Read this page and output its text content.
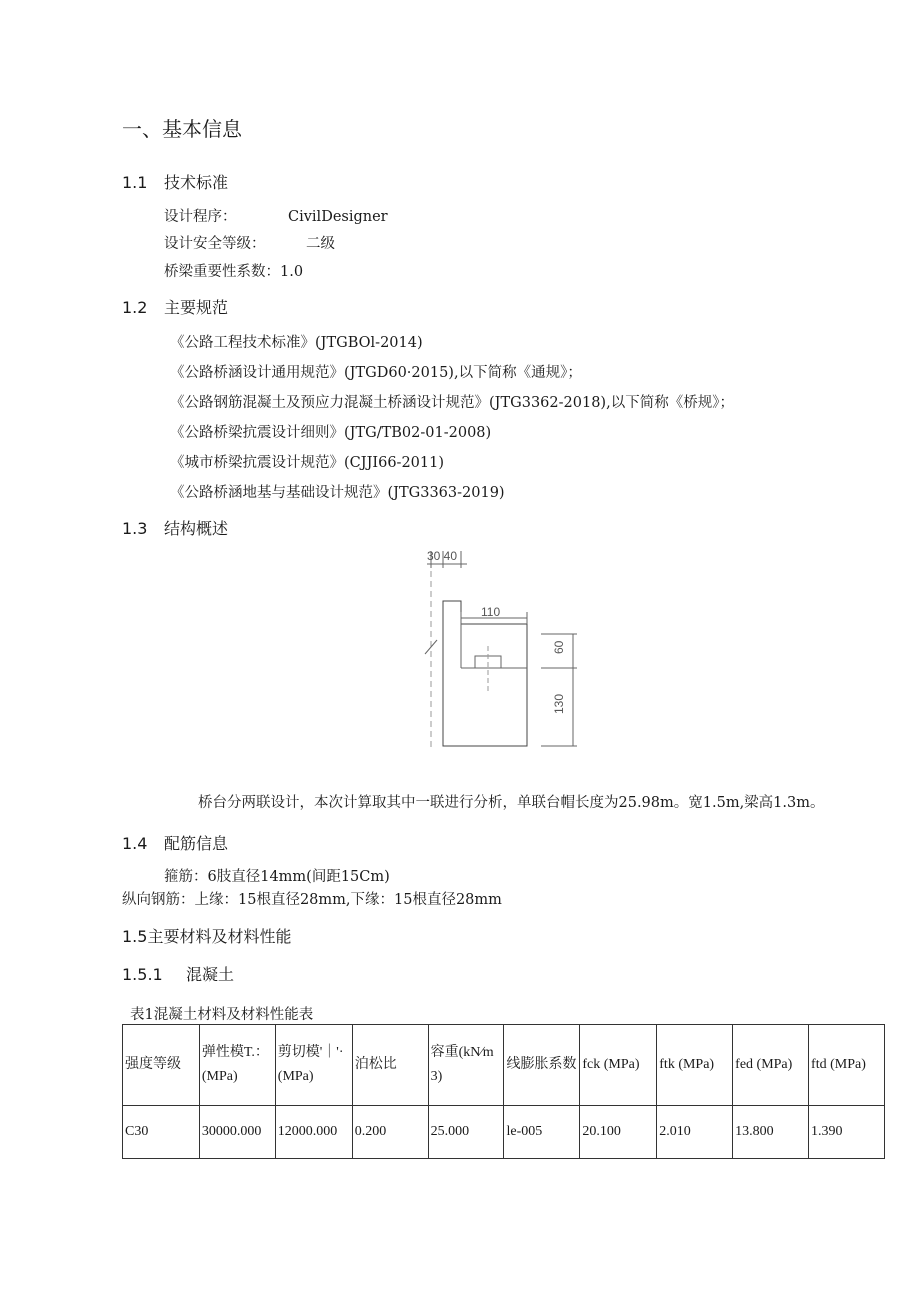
一、基本信息
1.1 技术标准
设计程序：	CivilDesigner
设计安全等级：	二级
桥梁重要性系数：1.0
1.2 主要规范
《公路工程技术标准》(JTGBOl-2014)
《公路桥涵设计通用规范》(JTGD60·2015),以下简称《通规》；
《公路钢筋混凝土及预应力混凝土桥涵设计规范》(JTG3362-2018),以下简称《桥规》；
《公路桥梁抗震设计细则》(JTG/TB02-01-2008)
《城市桥梁抗震设计规范》(CJJI66-2011)
《公路桥涵地基与基础设计规范》(JTG3363-2019)
1.3 结构概述
30 40
110
60
130
桥台分两联设计，本次计算取其中一联进行分析，单联台帽长度为25.98m。宽1.5m,梁高1.3m。
1.4 配筋信息
箍筋：6肢直径14mm(间距15Cm)
纵向钢筋：上缘：15根直径28mm,下缘：15根直径28mm
1.5主要材料及材料性能
1.5.1 混凝土
表1混凝土材料及材料性能表
强度等级	弹性模T.：(MPa)	剪切模'｜'·(MPa)	泊松比	容重(kN∕m3)	线膨胀系数	fck (MPa)	ftk (MPa)	fed (MPa)	ftd (MPa)
C30	30000.000	12000.000	0.200	25.000	le-005	20.100	2.010	13.800	1.390
